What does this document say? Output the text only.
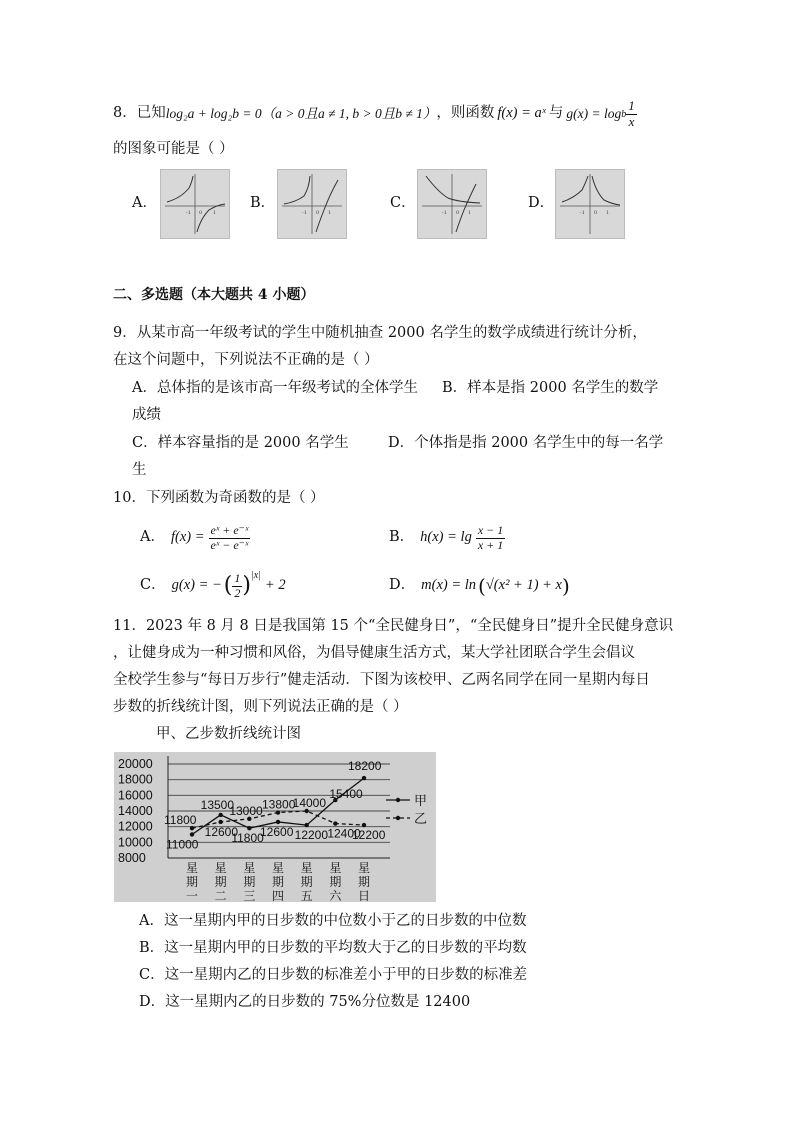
8． 已知 log₂a + log₂b = 0 （a > 0且a ≠ 1, b > 0且b ≠ 1） ，则函数 f(x) = aˣ 与 g(x) = log b $\frac{1}{x}$
的图象可能是（ ）
A．
-1 0 1
B．
-1 0 1
C．
-1 0 1
D．
-1 0 1
二、多选题（本大题共 4 小题）
9．从某市高一年级考试的学生中随机抽查 2000 名学生的数学成绩进行统计分析，
在这个问题中，下列说法不正确的是（ ）
A．总体指的是该市高一年级考试的全体学生 B．样本是指 2000 名学生的数学
成绩
C．样本容量指的是 2000 名学生	D．个体指是指 2000 名学生中的每一名学
生
10．下列函数为奇函数的是（ ）
A． $f(x) = \frac{\text{eˣ + e⁻ˣ}}{\text{eˣ − e⁻ˣ}}$	B． $h(x) = \lg \frac{x - 1}{x + 1}$
C． g(x) = − ( $\frac{1}{2} )^{|x|}$
+ 2	D． m(x) = ln ( √(x² + 1) + x )
11．2023 年 8 月 8 日是我国第 15 个“全民健身日”，“全民健身日”提升全民健身意识
，让健身成为一种习惯和风俗，为倡导健康生活方式，某大学社团联合学生会倡议
全校学生参与“每日万步行”健走活动．下图为该校甲、乙两名同学在同一星期内每日
步数的折线统计图，则下列说法正确的是（ ）
甲、乙步数折线统计图
8000
10000
12000
14000
16000
18000
20000
星
期
一
星
期
二
星
期
三
星
期
四
星
期
五
星
期
六
星
期
日
11800
11000
13500
12600
13000
11800
13800
12600
14000
12200
15400
12400
18200
12200
甲
乙
A．这一星期内甲的日步数的中位数小于乙的日步数的中位数
B．这一星期内甲的日步数的平均数大于乙的日步数的平均数
C．这一星期内乙的日步数的标准差小于甲的日步数的标准差
D．这一星期内乙的日步数的 75%分位数是 12400
